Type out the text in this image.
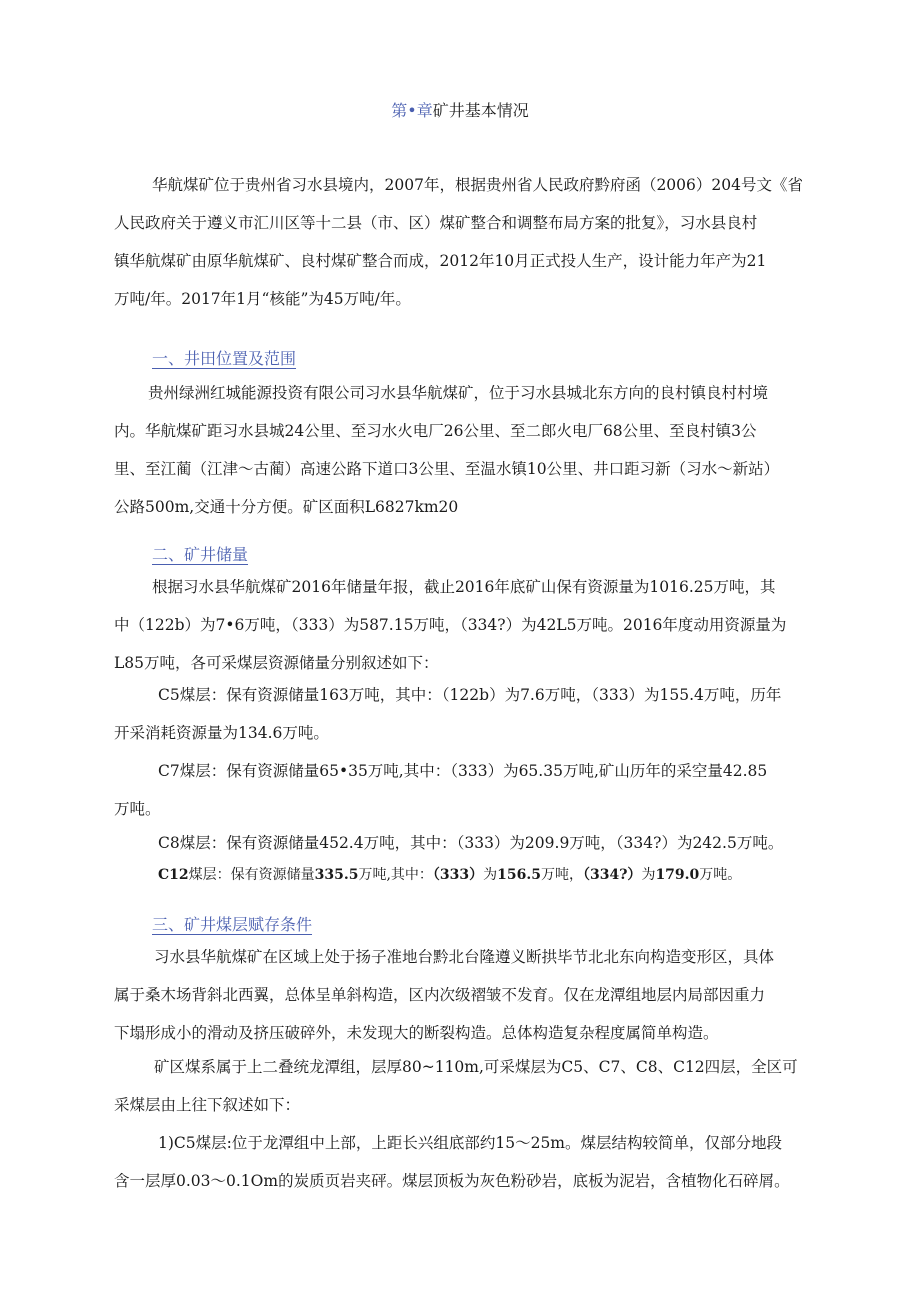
第•章矿井基本情况
华航煤矿位于贵州省习水县境内，2007年，根据贵州省人民政府黔府函（2006）204号文《省
人民政府关于遵义市汇川区等十二县（市、区）煤矿整合和调整布局方案的批复》，习水县良村
镇华航煤矿由原华航煤矿、良村煤矿整合而成，2012年10月正式投人生产，设计能力年产为21
万吨/年。2017年1月“核能”为45万吨/年。
一、井田位置及范围
贵州绿洲红城能源投资有限公司习水县华航煤矿，位于习水县城北东方向的良村镇良村村境
内。华航煤矿距习水县城24公里、至习水火电厂26公里、至二郎火电厂68公里、至良村镇3公
里、至江蔺（江津～古蔺）高速公路下道口3公里、至温水镇10公里、井口距习新（习水～新站）
公路500m,交通十分方便。矿区面积L6827km20
二、矿井储量
根据习水县华航煤矿2016年储量年报，截止2016年底矿山保有资源量为1016.25万吨，其
中（122b）为7•6万吨，（333）为587.15万吨，（334?）为42L5万吨。2016年度动用资源量为
L85万吨，各可采煤层资源储量分别叙述如下：
C5煤层：保有资源储量163万吨，其中：（122b）为7.6万吨，（333）为155.4万吨，历年
开采消耗资源量为134.6万吨。
C7煤层：保有资源储量65•35万吨,其中：（333）为65.35万吨,矿山历年的采空量42.85
万吨。
C8煤层：保有资源储量452.4万吨，其中：（333）为209.9万吨，（334?）为242.5万吨。
C12煤层：保有资源储量335.5万吨,其中：（333）为156.5万吨，（334?）为179.0万吨。
三、矿井煤层赋存条件
习水县华航煤矿在区域上处于扬子准地台黔北台隆遵义断拱毕节北北东向构造变形区，具体
属于桑木场背斜北西翼，总体呈单斜构造，区内次级褶皱不发育。仅在龙潭组地层内局部因重力
下塌形成小的滑动及挤压破碎外，未发现大的断裂构造。总体构造复杂程度属简单构造。
矿区煤系属于上二叠统龙潭组，层厚80~110m,可采煤层为C5、C7、C8、C12四层，全区可
采煤层由上往下叙述如下：
1)C5煤层:位于龙潭组中上部，上距长兴组底部约15～25m。煤层结构较简单，仅部分地段
含一层厚0.03～0.1Om的炭质页岩夹砰。煤层顶板为灰色粉砂岩，底板为泥岩，含植物化石碎屑。
